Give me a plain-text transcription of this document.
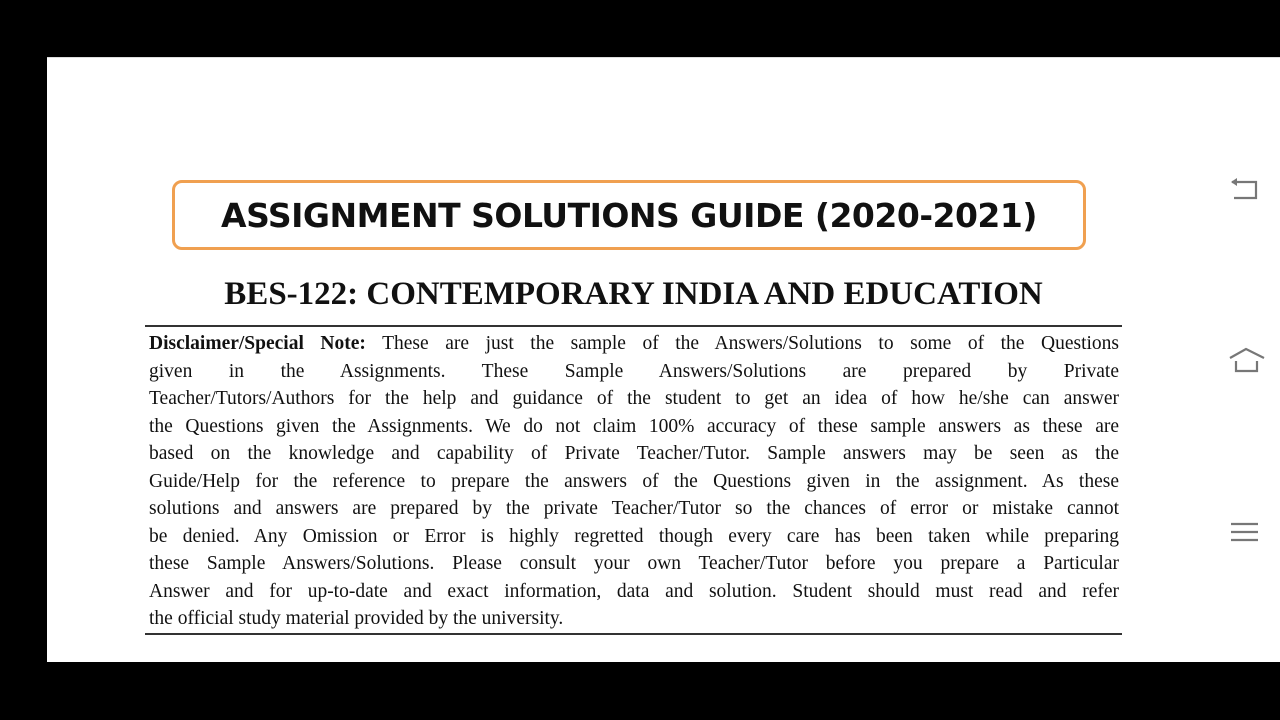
ASSIGNMENT SOLUTIONS GUIDE (2020-2021)
BES-122: CONTEMPORARY INDIA AND EDUCATION
Disclaimer/Special Note: These are just the sample of the Answers/Solutions to some of the Questions
given in the Assignments. These Sample Answers/Solutions are prepared by Private
Teacher/Tutors/Authors for the help and guidance of the student to get an idea of how he/she can answer
the Questions given the Assignments. We do not claim 100% accuracy of these sample answers as these are
based on the knowledge and capability of Private Teacher/Tutor. Sample answers may be seen as the
Guide/Help for the reference to prepare the answers of the Questions given in the assignment. As these
solutions and answers are prepared by the private Teacher/Tutor so the chances of error or mistake cannot
be denied. Any Omission or Error is highly regretted though every care has been taken while preparing
these Sample Answers/Solutions. Please consult your own Teacher/Tutor before you prepare a Particular
Answer and for up-to-date and exact information, data and solution. Student should must read and refer
the official study material provided by the university.
